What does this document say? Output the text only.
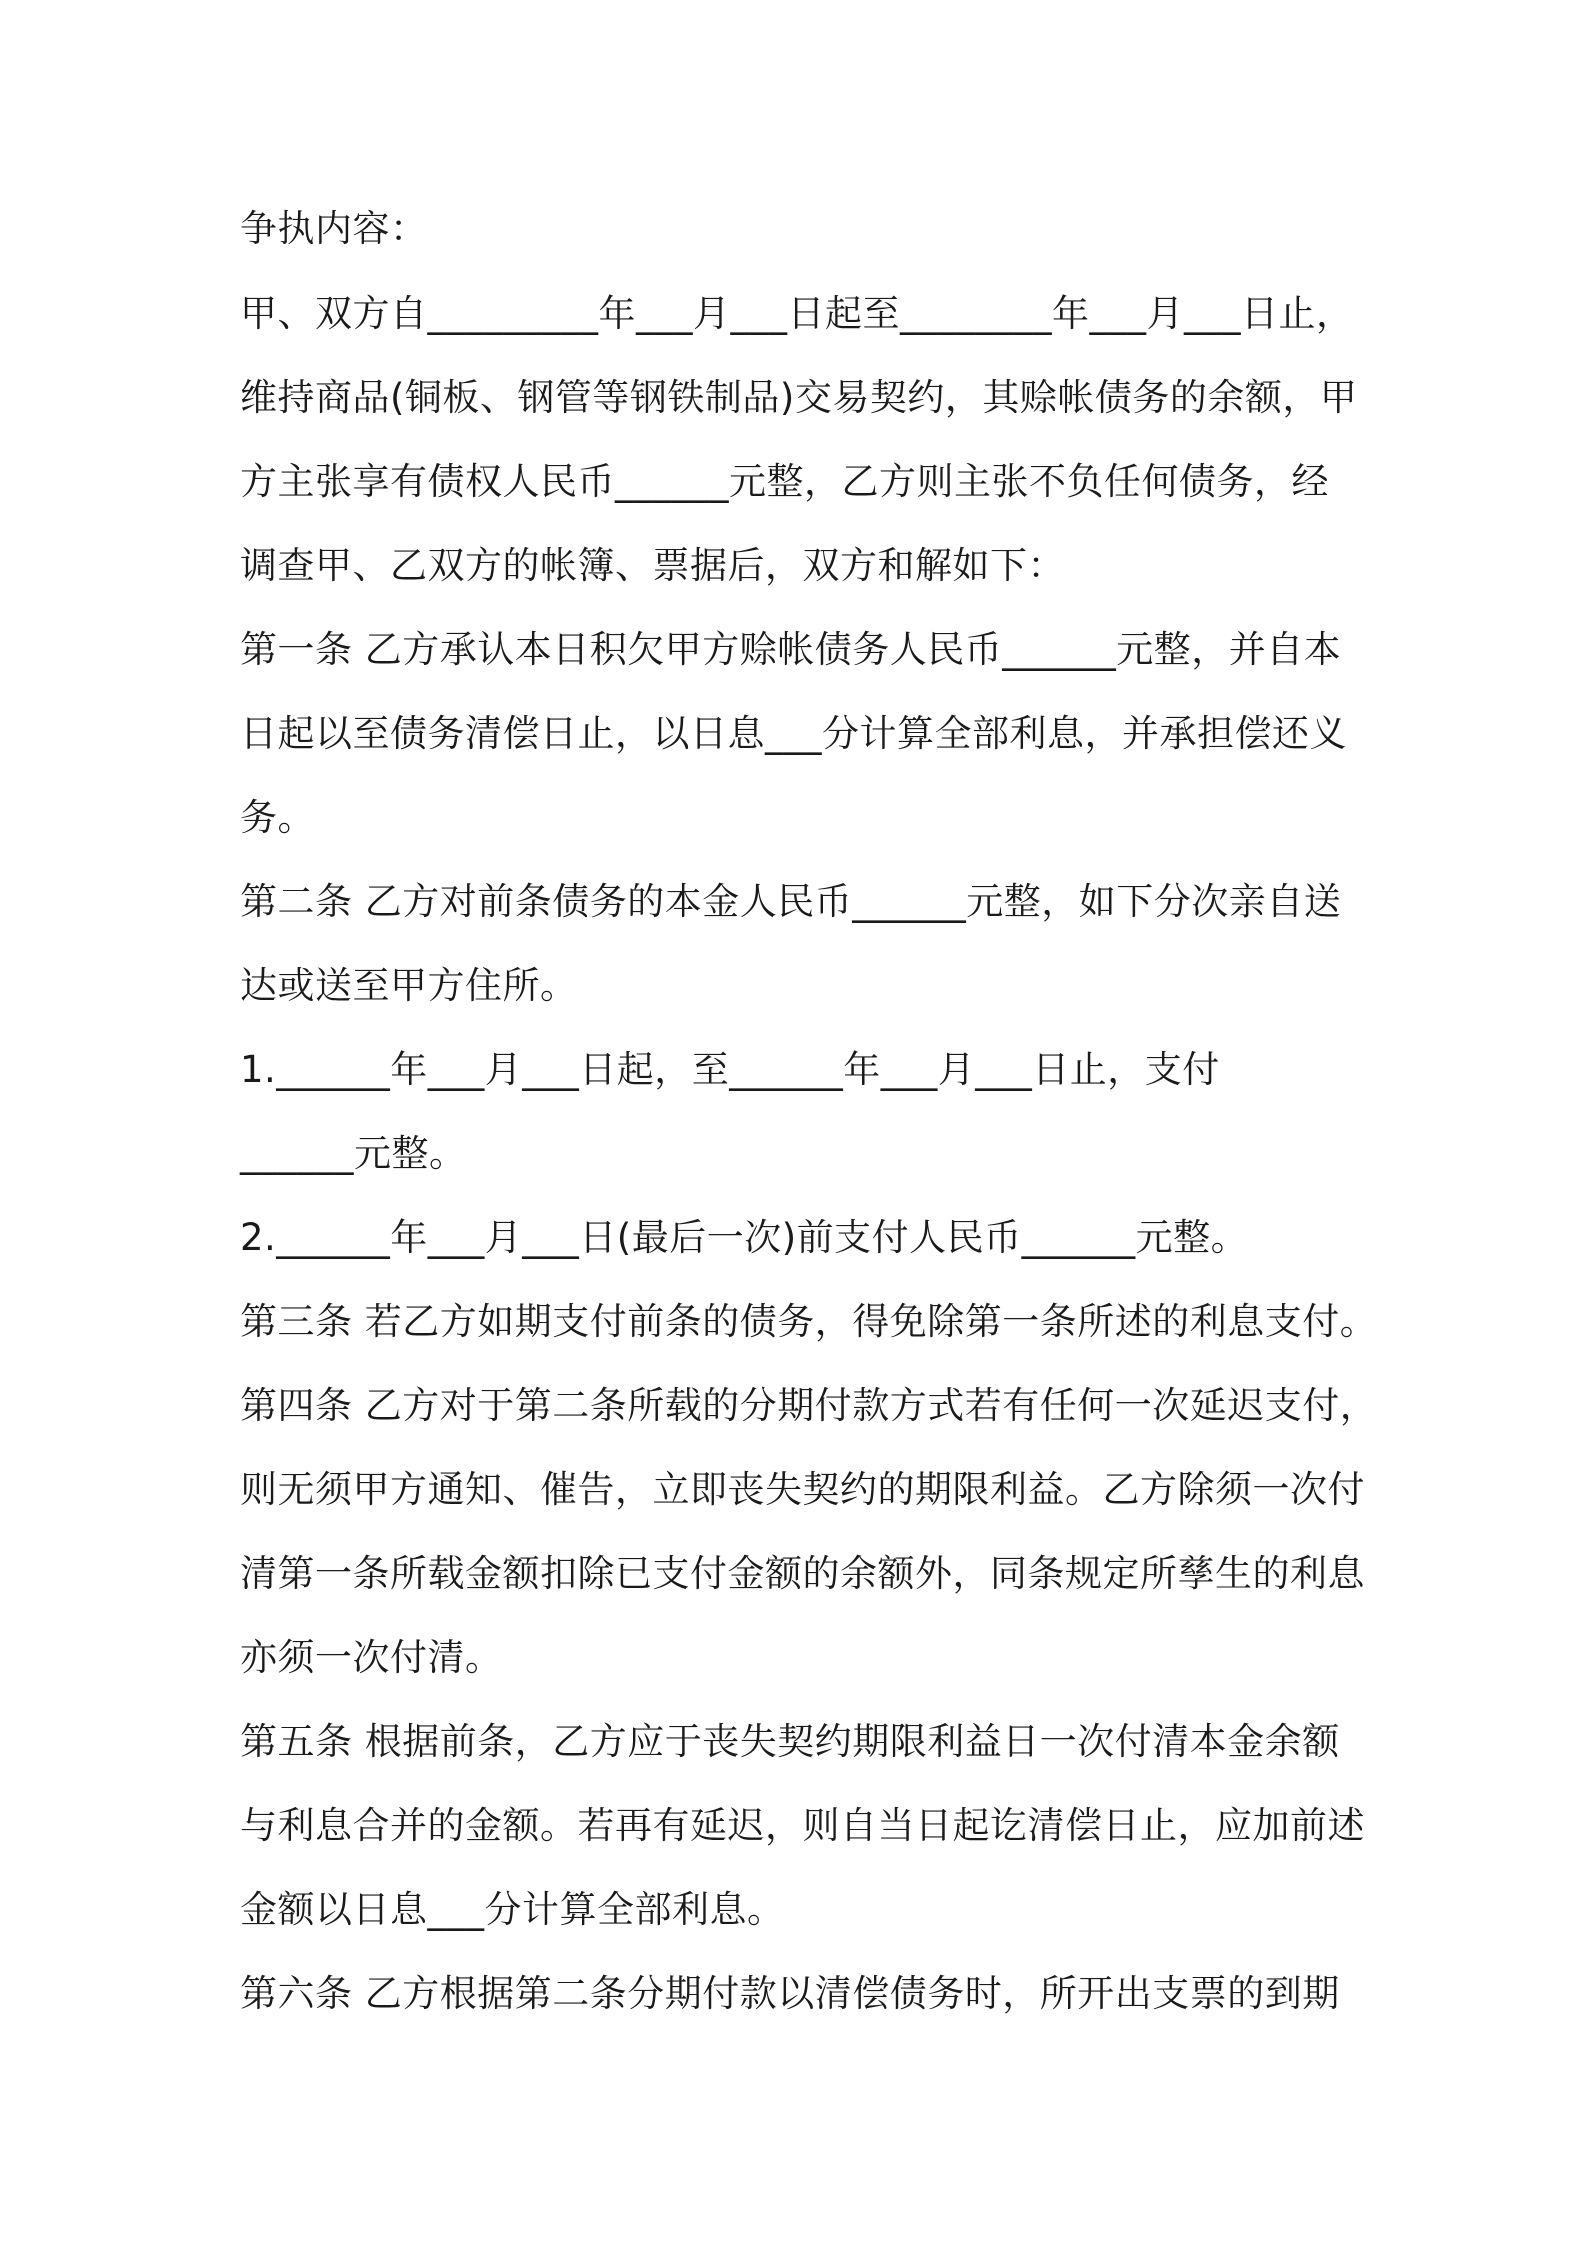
争执内容：
甲、双方自_________年___月___日起至________年___月___日止，
维持商品(铜板、钢管等钢铁制品)交易契约，其赊帐债务的余额，甲
方主张享有债权人民币______元整，乙方则主张不负任何债务，经
调查甲、乙双方的帐簿、票据后，双方和解如下：
第一条 乙方承认本日积欠甲方赊帐债务人民币______元整，并自本
日起以至债务清偿日止，以日息___分计算全部利息，并承担偿还义
务。
第二条 乙方对前条债务的本金人民币______元整，如下分次亲自送
达或送至甲方住所。
1.______年___月___日起，至______年___月___日止，支付
______元整。
2.______年___月___日(最后一次)前支付人民币______元整。
第三条 若乙方如期支付前条的债务，得免除第一条所述的利息支付。
第四条 乙方对于第二条所载的分期付款方式若有任何一次延迟支付，
则无须甲方通知、催告，立即丧失契约的期限利益。乙方除须一次付
清第一条所载金额扣除已支付金额的余额外，同条规定所孳生的利息
亦须一次付清。
第五条 根据前条，乙方应于丧失契约期限利益日一次付清本金余额
与利息合并的金额。若再有延迟，则自当日起讫清偿日止，应加前述
金额以日息___分计算全部利息。
第六条 乙方根据第二条分期付款以清偿债务时，所开出支票的到期
